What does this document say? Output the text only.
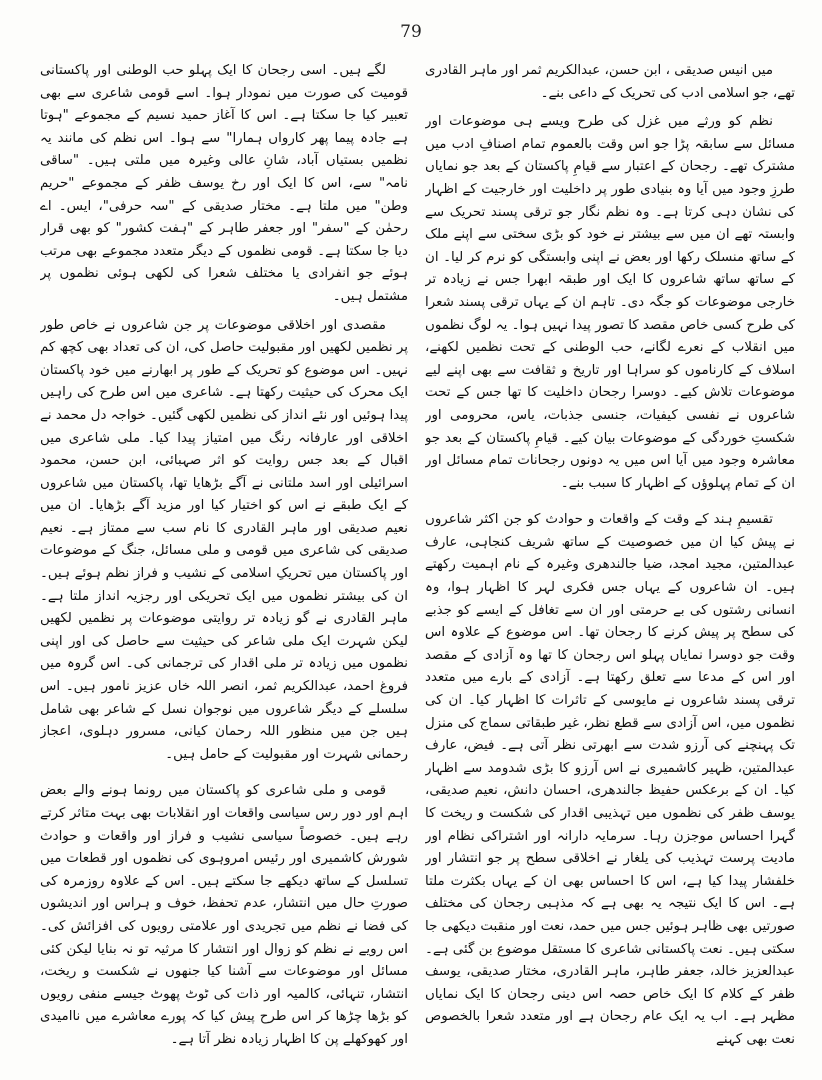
79

میں انیس صدیقی ، ابن حسن، عبدالکریم ثمر اور ماہر القادری تھے، جو اسلامی ادب کی تحریک کے داعی بنے۔

نظم کو ورثے میں غزل کی طرح ویسے ہی موضوعات اور مسائل سے سابقہ پڑا جو اس وقت بالعموم تمام اصنافِ ادب میں مشترک تھے۔ رجحان کے اعتبار سے قیامِ پاکستان کے بعد جو نمایاں طرزِ وجود میں آیا وہ بنیادی طور پر داخلیت اور خارجیت کے اظہار کی نشان دہی کرتا ہے۔ وہ نظم نگار جو ترقی پسند تحریک سے وابستہ تھے ان میں سے بیشتر نے خود کو بڑی سختی سے اپنے ملک کے ساتھ منسلک رکھا اور بعض نے اپنی وابستگی کو نرم کر لیا۔ ان کے ساتھ ساتھ شاعروں کا ایک اور طبقہ ابھرا جس نے زیادہ تر خارجی موضوعات کو جگہ دی۔ تاہم ان کے یہاں ترقی پسند شعرا کی طرح کسی خاص مقصد کا تصور پیدا نہیں ہوا۔ یہ لوگ نظموں میں انقلاب کے نعرے لگانے، حب الوطنی کے تحت نظمیں لکھنے، اسلاف کے کارناموں کو سراہا اور تاریخ و ثقافت سے بھی اپنے لیے موضوعات تلاش کیے۔ دوسرا رجحان داخلیت کا تھا جس کے تحت شاعروں نے نفسی کیفیات، جنسی جذبات، یاس، محرومی اور شکستِ خوردگی کے موضوعات بیان کیے۔ قیامِ پاکستان کے بعد جو معاشرہ وجود میں آیا اس میں یہ دونوں رجحانات تمام مسائل اور ان کے تمام پہلوؤں کے اظہار کا سبب بنے۔

تقسیمِ ہند کے وقت کے واقعات و حوادث کو جن اکثر شاعروں نے پیش کیا ان میں خصوصیت کے ساتھ شریف کنجاہی، عارف عبدالمتین، مجید امجد، ضیا جالندھری وغیرہ کے نام اہمیت رکھتے ہیں۔ ان شاعروں کے یہاں جس فکری لہر کا اظہار ہوا، وہ انسانی رشتوں کی بے حرمتی اور ان سے تغافل کے ایسے کو جذبے کی سطح پر پیش کرنے کا رجحان تھا۔ اس موضوع کے علاوہ اس وقت جو دوسرا نمایاں پہلو اس رجحان کا تھا وہ آزادی کے مقصد اور اس کے مدعا سے تعلق رکھتا ہے۔ آزادی کے بارے میں متعدد ترقی پسند شاعروں نے مایوسی کے تاثرات کا اظہار کیا۔ ان کی نظموں میں، اس آزادی سے قطع نظر، غیر طبقاتی سماج کی منزل تک پہنچنے کی آرزو شدت سے ابھرتی نظر آتی ہے۔ فیض، عارف عبدالمتین، ظہیر کاشمیری نے اس آرزو کا بڑی شدومد سے اظہار کیا۔ ان کے برعکس حفیظ جالندھری، احسان دانش، نعیم صدیقی، یوسف ظفر کی نظموں میں تہذیبی اقدار کی شکست و ریخت کا گہرا احساس موجزن رہا۔ سرمایہ دارانہ اور اشتراکی نظام اور مادیت پرست تہذیب کی یلغار نے اخلاقی سطح پر جو انتشار اور خلفشار پیدا کیا ہے، اس کا احساس بھی ان کے یہاں بکثرت ملتا ہے۔ اس کا ایک نتیجہ یہ بھی ہے کہ مذہبی رجحان کی مختلف صورتیں بھی ظاہر ہوئیں جس میں حمد، نعت اور منقبت دیکھی جا سکتی ہیں۔ نعت پاکستانی شاعری کا مستقل موضوع بن گئی ہے۔ عبدالعزیز خالد، جعفر طاہر، ماہر القادری، مختار صدیقی، یوسف ظفر کے کلام کا ایک خاص حصہ اس دینی رجحان کا ایک نمایاں مظہر ہے۔ اب یہ ایک عام رجحان ہے اور متعدد شعرا بالخصوص نعت بھی کہنے

لگے ہیں۔ اسی رجحان کا ایک پہلو حب الوطنی اور پاکستانی قومیت کی صورت میں نمودار ہوا۔ اسے قومی شاعری سے بھی تعبیر کیا جا سکتا ہے۔ اس کا آغاز حمید نسیم کے مجموعے "ہوتا ہے جادہ پیما پھر کارواں ہمارا" سے ہوا۔ اس نظم کی مانند یہ نظمیں بستیاں آباد، شانِ عالی وغیرہ میں ملتی ہیں۔ "ساقی نامہ" سے، اس کا ایک اور رخ یوسف ظفر کے مجموعے "حریم وطن" میں ملتا ہے۔ مختار صدیقی کے "سہ حرفی"، ایس۔ اے رحمٰن کے "سفر" اور جعفر طاہر کے "ہفت کشور" کو بھی قرار دیا جا سکتا ہے۔ قومی نظموں کے دیگر متعدد مجموعے بھی مرتب ہوئے جو انفرادی یا مختلف شعرا کی لکھی ہوئی نظموں پر مشتمل ہیں۔

مقصدی اور اخلاقی موضوعات پر جن شاعروں نے خاص طور پر نظمیں لکھیں اور مقبولیت حاصل کی، ان کی تعداد بھی کچھ کم نہیں۔ اس موضوع کو تحریک کے طور پر ابھارنے میں خود پاکستان ایک محرک کی حیثیت رکھتا ہے۔ شاعری میں اس طرح کی راہیں پیدا ہوئیں اور نئے انداز کی نظمیں لکھی گئیں۔ خواجہ دل محمد نے اخلاقی اور عارفانہ رنگ میں امتیاز پیدا کیا۔ ملی شاعری میں اقبال کے بعد جس روایت کو اثر صہبائی، ابن حسن، محمود اسرائیلی اور اسد ملتانی نے آگے بڑھایا تھا، پاکستان میں شاعروں کے ایک طبقے نے اس کو اختیار کیا اور مزید آگے بڑھایا۔ ان میں نعیم صدیقی اور ماہر القادری کا نام سب سے ممتاز ہے۔ نعیم صدیقی کی شاعری میں قومی و ملی مسائل، جنگ کے موضوعات اور پاکستان میں تحریکِ اسلامی کے نشیب و فراز نظم ہوئے ہیں۔ ان کی بیشتر نظموں میں ایک تحریکی اور رجزیہ انداز ملتا ہے۔ ماہر القادری نے گو زیادہ تر روایتی موضوعات پر نظمیں لکھیں لیکن شہرت ایک ملی شاعر کی حیثیت سے حاصل کی اور اپنی نظموں میں زیادہ تر ملی اقدار کی ترجمانی کی۔ اس گروہ میں فروغ احمد، عبدالکریم ثمر، انصر اللہ خاں عزیز نامور ہیں۔ اس سلسلے کے دیگر شاعروں میں نوجوان نسل کے شاعر بھی شامل ہیں جن میں منظور اللہ رحمان کیانی، مسرور دہلوی، اعجاز رحمانی شہرت اور مقبولیت کے حامل ہیں۔

قومی و ملی شاعری کو پاکستان میں رونما ہونے والے بعض اہم اور دور رس سیاسی واقعات اور انقلابات بھی بہت متاثر کرتے رہے ہیں۔ خصوصاً سیاسی نشیب و فراز اور واقعات و حوادث شورش کاشمیری اور رئیس امروہوی کی نظموں اور قطعات میں تسلسل کے ساتھ دیکھے جا سکتے ہیں۔ اس کے علاوہ روزمرہ کی صورتِ حال میں انتشار، عدم تحفظ، خوف و ہراس اور اندیشوں کی فضا نے نظم میں تجریدی اور علامتی رویوں کی افزائش کی۔ اس رویے نے نظم کو زوال اور انتشار کا مرثیہ تو نہ بنایا لیکن کئی مسائل اور موضوعات سے آشنا کیا جنھوں نے شکست و ریخت، انتشار، تنہائی، کالمیہ اور ذات کی ٹوٹ پھوٹ جیسے منفی رویوں کو بڑھا چڑھا کر اس طرح پیش کیا کہ پورے معاشرے میں ناامیدی اور کھوکھلے پن کا اظہار زیادہ نظر آتا ہے۔
